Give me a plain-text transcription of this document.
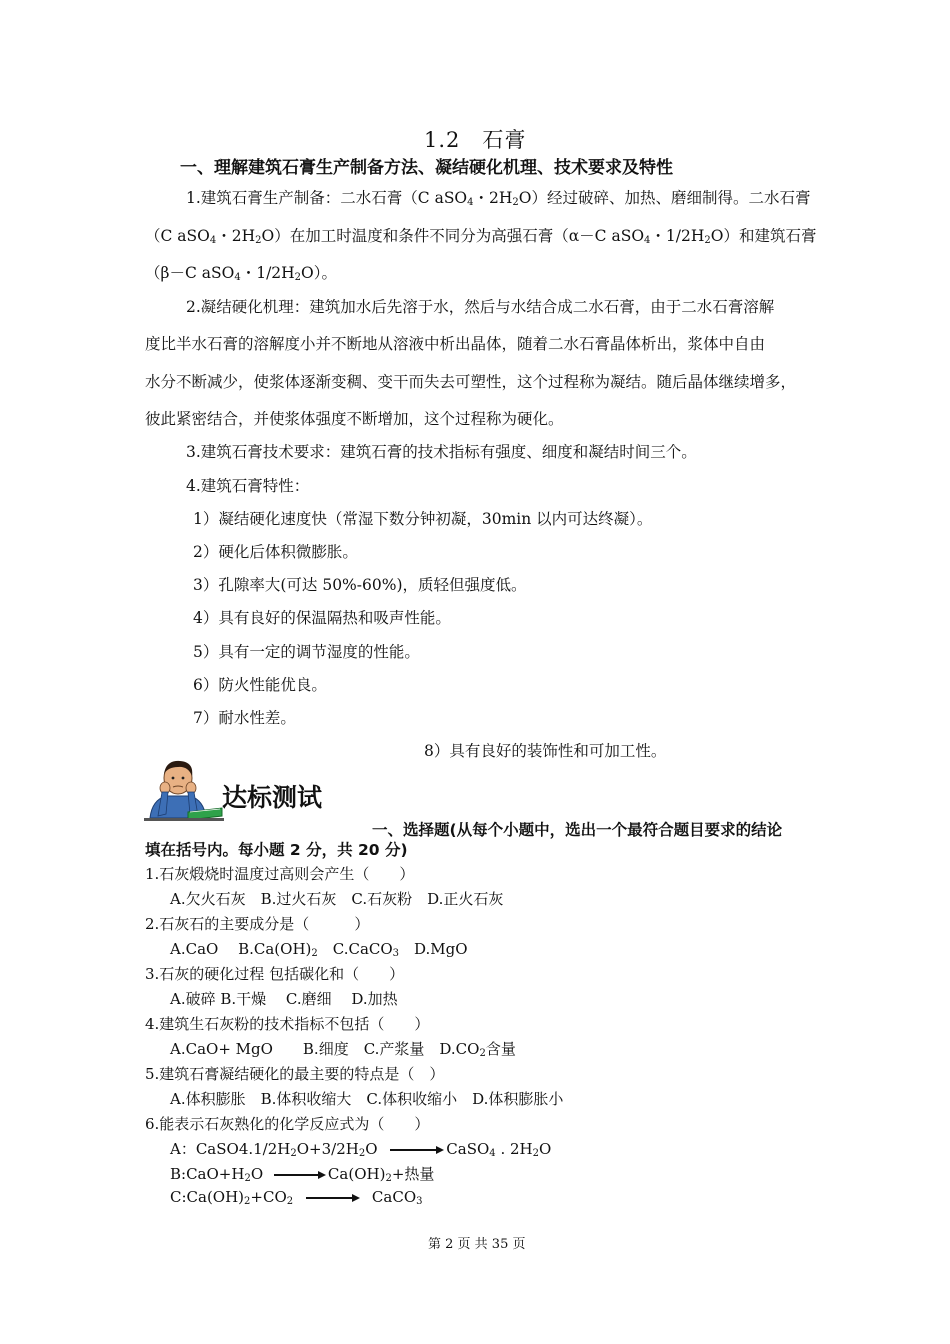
1.2　石膏
一、理解建筑石膏生产制备方法、凝结硬化机理、技术要求及特性
1.建筑石膏生产制备：二水石膏（C aSO$_4$・$2H_2O$）经过破碎、加热、磨细制得。二水石膏
（C aSO$_4$・$2H_2O$）在加工时温度和条件不同分为高强石膏（α－C aSO$_4$・$1/2H_2O$）和建筑石膏
（β－C aSO$_4$・$1/2H_2O$）。
2.凝结硬化机理：建筑加水后先溶于水，然后与水结合成二水石膏，由于二水石膏溶解
度比半水石膏的溶解度小并不断地从溶液中析出晶体，随着二水石膏晶体析出，浆体中自由
水分不断减少，使浆体逐渐变稠、变干而失去可塑性，这个过程称为凝结。随后晶体继续增多，
彼此紧密结合，并使浆体强度不断增加，这个过程称为硬化。
3.建筑石膏技术要求：建筑石膏的技术指标有强度、细度和凝结时间三个。
4.建筑石膏特性：
1）凝结硬化速度快（常湿下数分钟初凝，30min 以内可达终凝）。
2）硬化后体积微膨胀。
3）孔隙率大(可达 50%-60%)，质轻但强度低。
4）具有良好的保温隔热和吸声性能。
5）具有一定的调节湿度的性能。
6）防火性能优良。
7）耐水性差。
8）具有良好的装饰性和可加工性。
达标测试
一、选择题(从每个小题中，选出一个最符合题目要求的结论
填在括号内。每小题 2 分，共 20 分)
1.石灰煅烧时温度过高则会产生（　　）
A.欠火石灰　B.过火石灰　C.石灰粉　D.正火石灰
2.石灰石的主要成分是（　　　）
A.CaO　 $B.Ca(OH)_2$　C.CaCO$_3$　D.MgO
3.石灰的硬化过程 包括碳化和（　　）
A.破碎 B.干燥　 C.磨细　 D.加热
4.建筑生石灰粉的技术指标不包括（　　）
A.CaO+ MgO　　B.细度　C.产浆量　$D.CO_2$含量
5.建筑石膏凝结硬化的最主要的特点是（　）
A.体积膨胀　B.体积收缩大　C.体积收缩小　D.体积膨胀小
6.能表示石灰熟化的化学反应式为（　　）
A：$CaSO4.1/2H_2O+3/2H_2O$	CaSO$_4$ . $2H_2O$
$B:CaO+H_2O$	$Ca(OH)_2+$热量
$C:Ca(OH)_2+CO_2$	CaCO$_3$
第 2 页 共 35 页
